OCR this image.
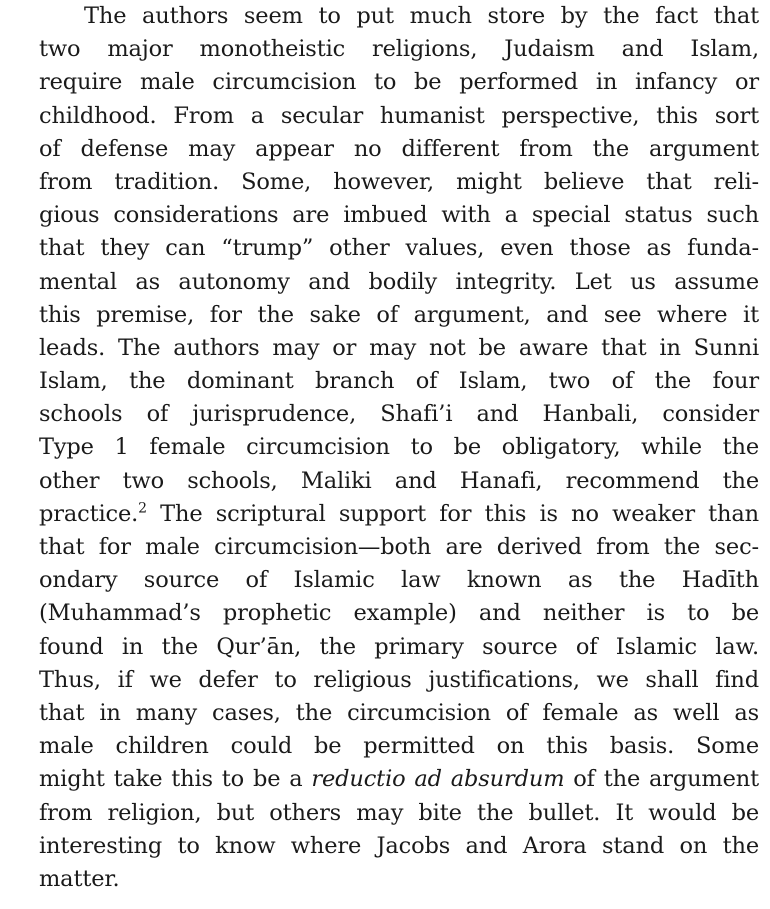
The authors seem to put much store by the fact that
two major monotheistic religions, Judaism and Islam,
require male circumcision to be performed in infancy or
childhood. From a secular humanist perspective, this sort
of defense may appear no different from the argument
from tradition. Some, however, might believe that reli-
gious considerations are imbued with a special status such
that they can “trump” other values, even those as funda-
mental as autonomy and bodily integrity. Let us assume
this premise, for the sake of argument, and see where it
leads. The authors may or may not be aware that in Sunni
Islam, the dominant branch of Islam, two of the four
schools of jurisprudence, Shafi’i and Hanbali, consider
Type 1 female circumcision to be obligatory, while the
other two schools, Maliki and Hanafi, recommend the
practice.$^2$ The scriptural support for this is no weaker than
that for male circumcision—both are derived from the sec-
ondary source of Islamic law known as the Hadīth
(Muhammad’s prophetic example) and neither is to be
found in the Qur’ān, the primary source of Islamic law.
Thus, if we defer to religious justifications, we shall find
that in many cases, the circumcision of female as well as
male children could be permitted on this basis. Some
might take this to be a reductio ad absurdum of the argument
from religion, but others may bite the bullet. It would be
interesting to know where Jacobs and Arora stand on the
matter.
